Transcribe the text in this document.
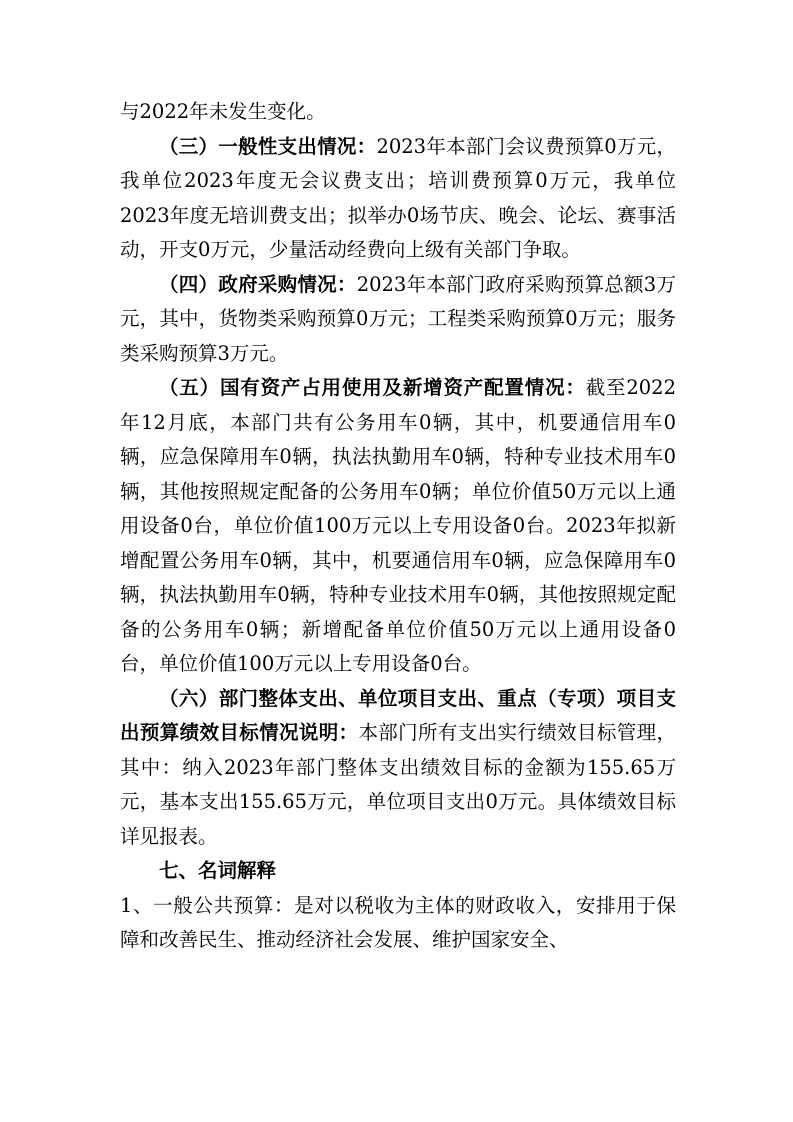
与2022年未发生变化。

（三）一般性支出情况：2023年本部门会议费预算0万元，我单位2023年度无会议费支出；培训费预算0万元，我单位2023年度无培训费支出；拟举办0场节庆、晚会、论坛、赛事活动，开支0万元，少量活动经费向上级有关部门争取。

（四）政府采购情况：2023年本部门政府采购预算总额3万元，其中，货物类采购预算0万元；工程类采购预算0万元；服务类采购预算3万元。

（五）国有资产占用使用及新增资产配置情况：截至2022年12月底，本部门共有公务用车0辆，其中，机要通信用车0辆，应急保障用车0辆，执法执勤用车0辆，特种专业技术用车0辆，其他按照规定配备的公务用车0辆；单位价值50万元以上通用设备0台，单位价值100万元以上专用设备0台。2023年拟新增配置公务用车0辆，其中，机要通信用车0辆，应急保障用车0辆，执法执勤用车0辆，特种专业技术用车0辆，其他按照规定配备的公务用车0辆；新增配备单位价值50万元以上通用设备0台，单位价值100万元以上专用设备0台。

（六）部门整体支出、单位项目支出、重点（专项）项目支出预算绩效目标情况说明：本部门所有支出实行绩效目标管理，其中：纳入2023年部门整体支出绩效目标的金额为155.65万元，基本支出155.65万元，单位项目支出0万元。具体绩效目标详见报表。

七、名词解释

1、一般公共预算：是对以税收为主体的财政收入，安排用于保障和改善民生、推动经济社会发展、维护国家安全、
